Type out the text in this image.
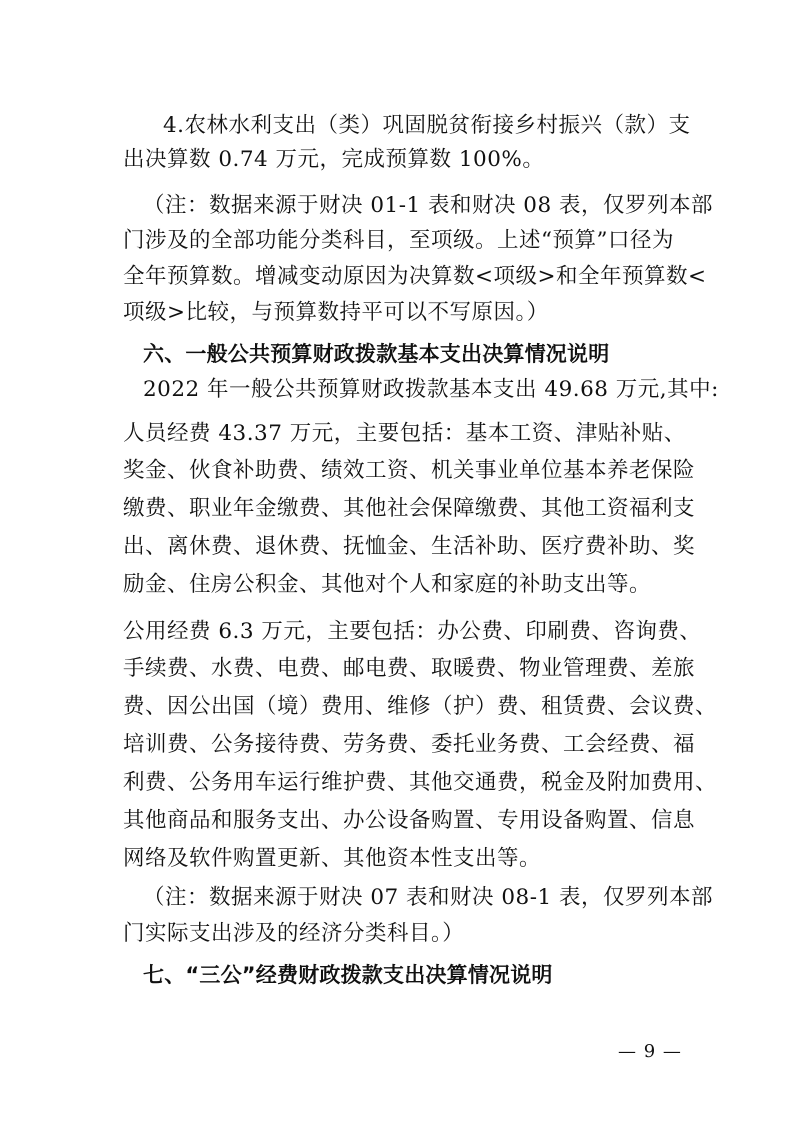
4.农林水利支出（类）巩固脱贫衔接乡村振兴（款）支
出决算数 0.74 万元，完成预算数 100%。
（注：数据来源于财决 01-1 表和财决 08 表，仅罗列本部
门涉及的全部功能分类科目，至项级。上述“预算”口径为
全年预算数。增减变动原因为决算数<项级>和全年预算数<
项级>比较，与预算数持平可以不写原因。）
六、一般公共预算财政拨款基本支出决算情况说明
2022 年一般公共预算财政拨款基本支出 49.68 万元,其中:
人员经费 43.37 万元，主要包括：基本工资、津贴补贴、
奖金、伙食补助费、绩效工资、机关事业单位基本养老保险
缴费、职业年金缴费、其他社会保障缴费、其他工资福利支
出、离休费、退休费、抚恤金、生活补助、医疗费补助、奖
励金、住房公积金、其他对个人和家庭的补助支出等。
公用经费 6.3 万元，主要包括：办公费、印刷费、咨询费、
手续费、水费、电费、邮电费、取暖费、物业管理费、差旅
费、因公出国（境）费用、维修（护）费、租赁费、会议费、
培训费、公务接待费、劳务费、委托业务费、工会经费、福
利费、公务用车运行维护费、其他交通费，税金及附加费用、
其他商品和服务支出、办公设备购置、专用设备购置、信息
网络及软件购置更新、其他资本性支出等。
（注：数据来源于财决 07 表和财决 08-1 表，仅罗列本部
门实际支出涉及的经济分类科目。）
七、“三公”经费财政拨款支出决算情况说明
— 9 —
